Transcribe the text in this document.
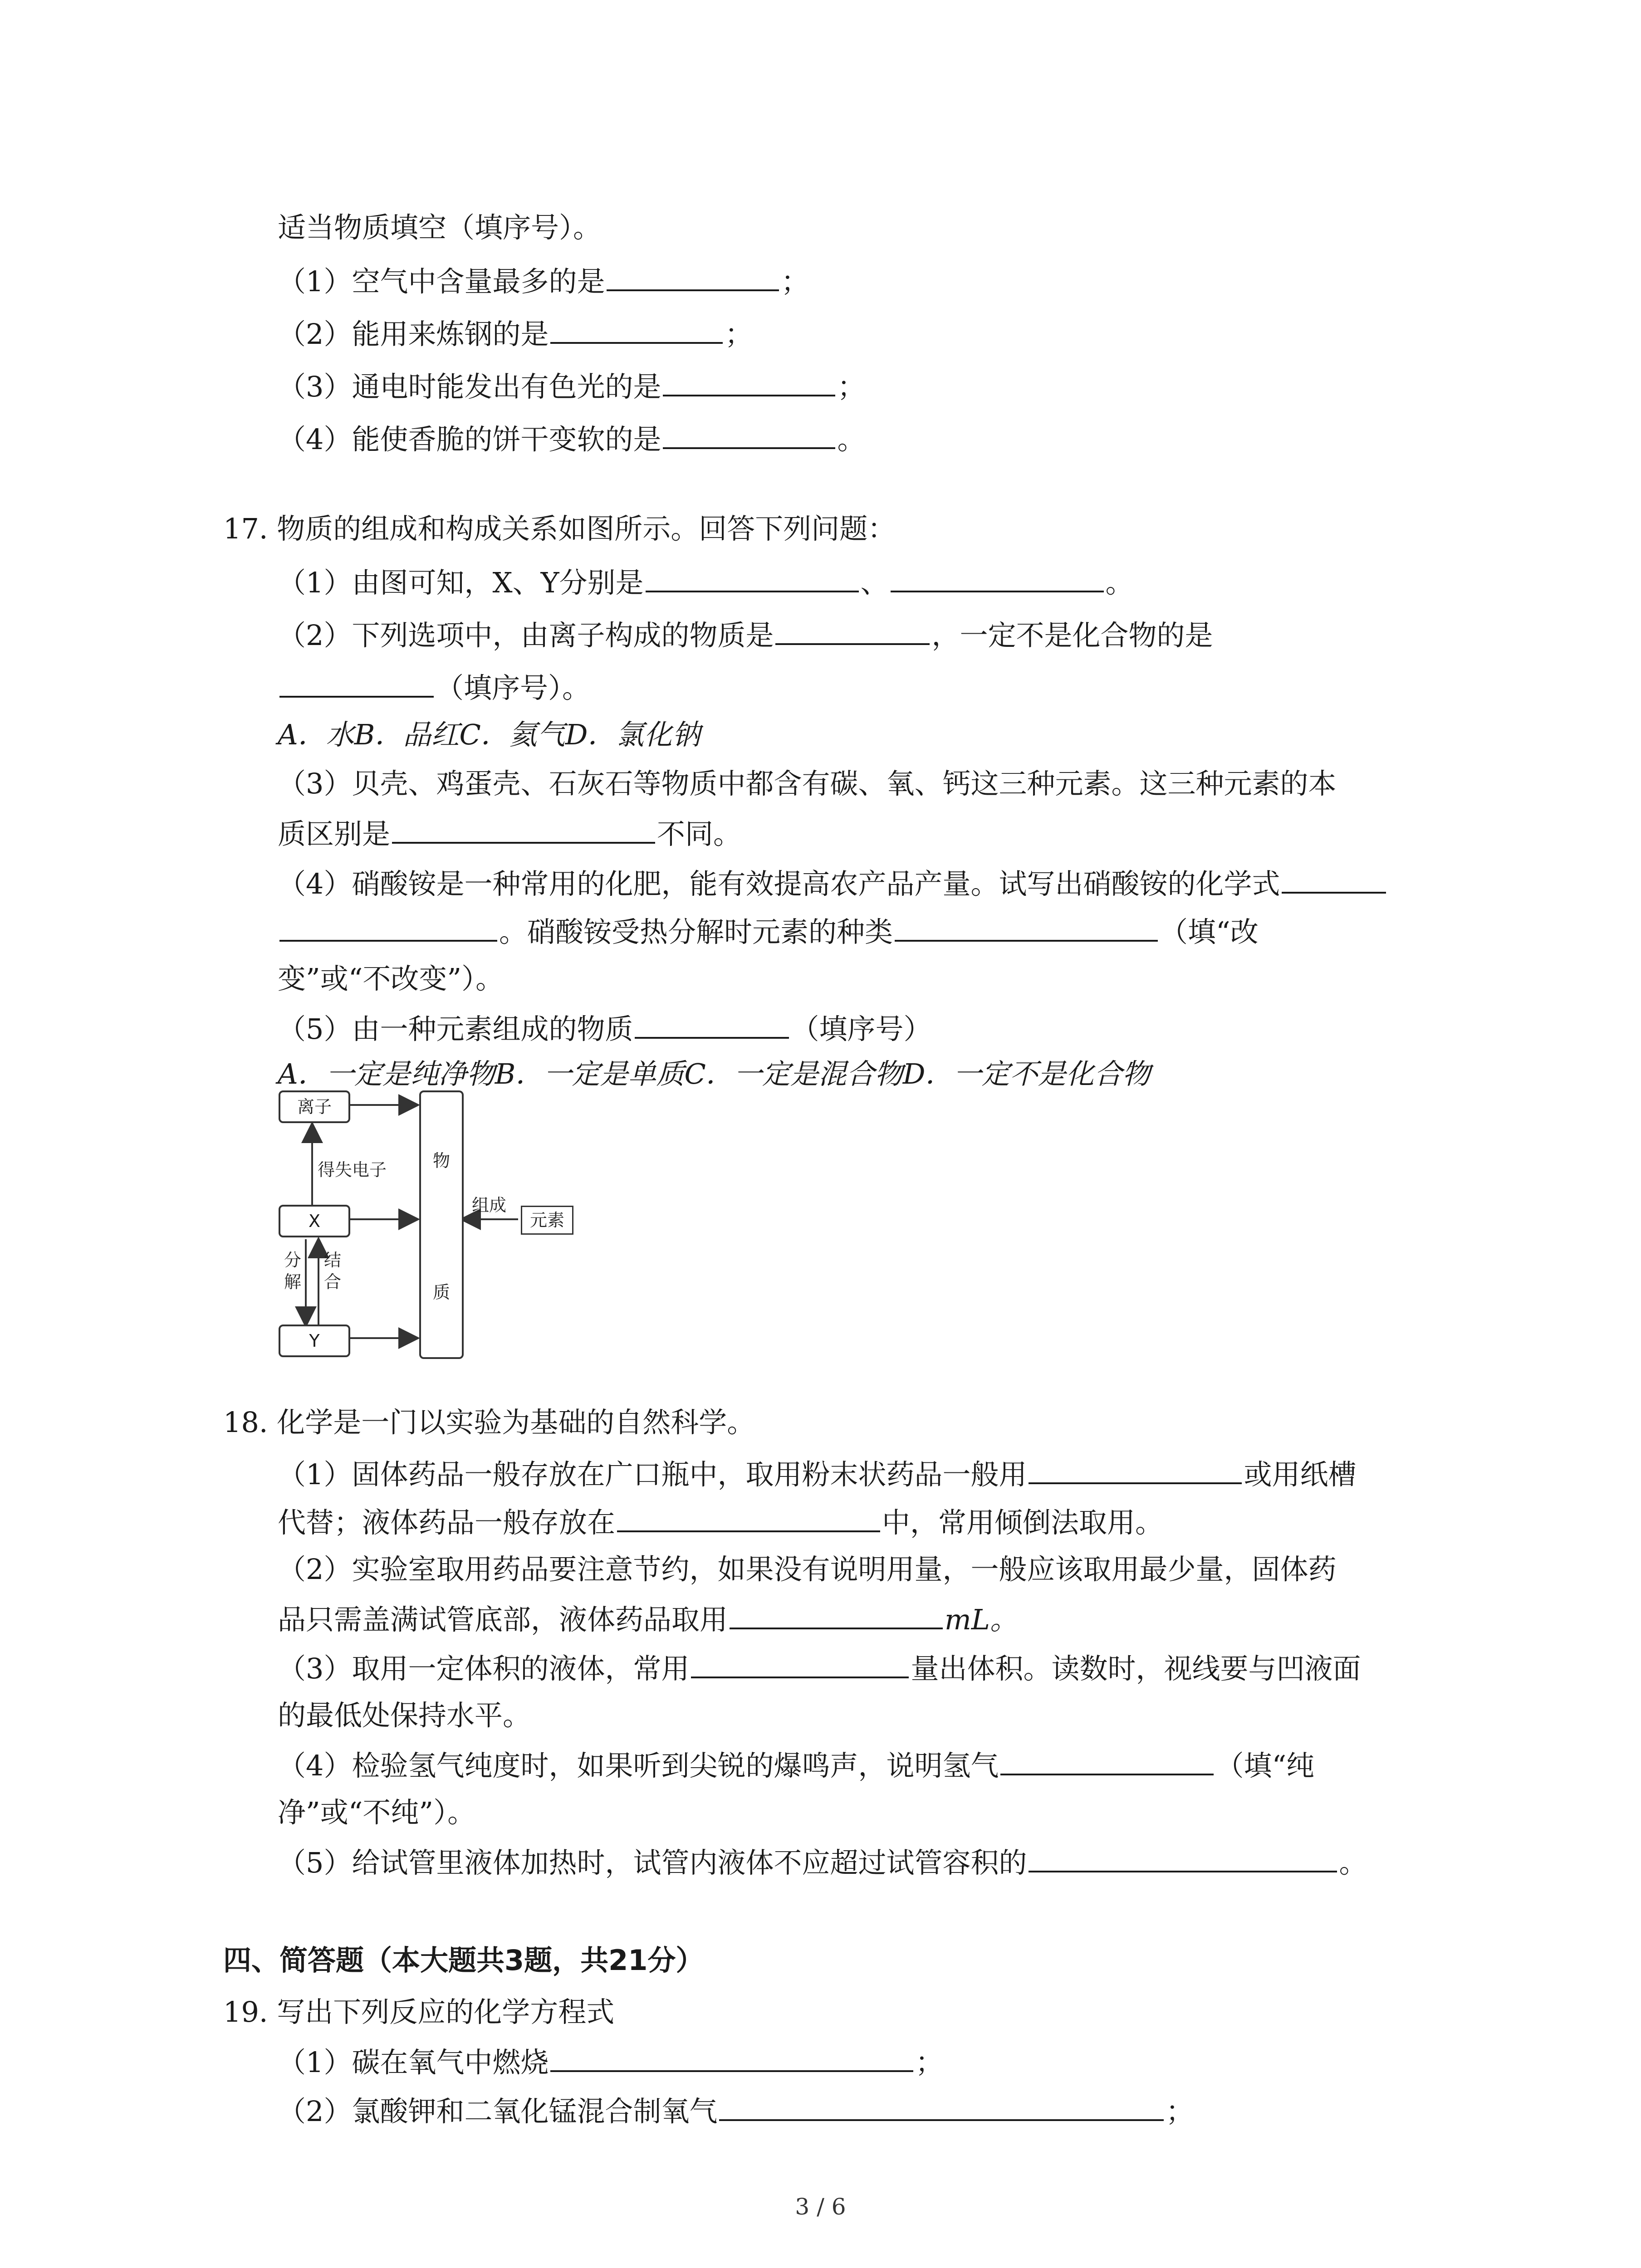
适当物质填空（填序号）。
（1）空气中含量最多的是	；
（2）能用来炼钢的是	；
（3）通电时能发出有色光的是	；
（4）能使香脆的饼干变软的是	。
17. 物质的组成和构成关系如图所示。回答下列问题：
（1）由图可知，X、Y分别是	、	。
（2）下列选项中，由离子构成的物质是	，一定不是化合物的是
（填序号）。
A．水B．品红C．氦气D．氯化钠
（3）贝壳、鸡蛋壳、石灰石等物质中都含有碳、氧、钙这三种元素。这三种元素的本
质区别是	不同。
（4）硝酸铵是一种常用的化肥，能有效提高农产品产量。试写出硝酸铵的化学式
。硝酸铵受热分解时元素的种类	（填“改
变”或“不改变”）。
（5）由一种元素组成的物质	（填序号）
A．一定是纯净物B．一定是单质C．一定是混合物D．一定不是化合物
离子
X
Y
物
质
元素
组成
得失电子
分解
结合
18. 化学是一门以实验为基础的自然科学。
（1）固体药品一般存放在广口瓶中，取用粉末状药品一般用	或用纸槽
代替；液体药品一般存放在	中，常用倾倒法取用。
（2）实验室取用药品要注意节约，如果没有说明用量，一般应该取用最少量，固体药
品只需盖满试管底部，液体药品取用	mL。
（3）取用一定体积的液体，常用	量出体积。读数时，视线要与凹液面
的最低处保持水平。
（4）检验氢气纯度时，如果听到尖锐的爆鸣声，说明氢气	（填“纯
净”或“不纯”）。
（5）给试管里液体加热时，试管内液体不应超过试管容积的	。
四、简答题（本大题共3题，共21分）
19. 写出下列反应的化学方程式
（1）碳在氧气中燃烧	；
（2）氯酸钾和二氧化锰混合制氧气	；
3 / 6
